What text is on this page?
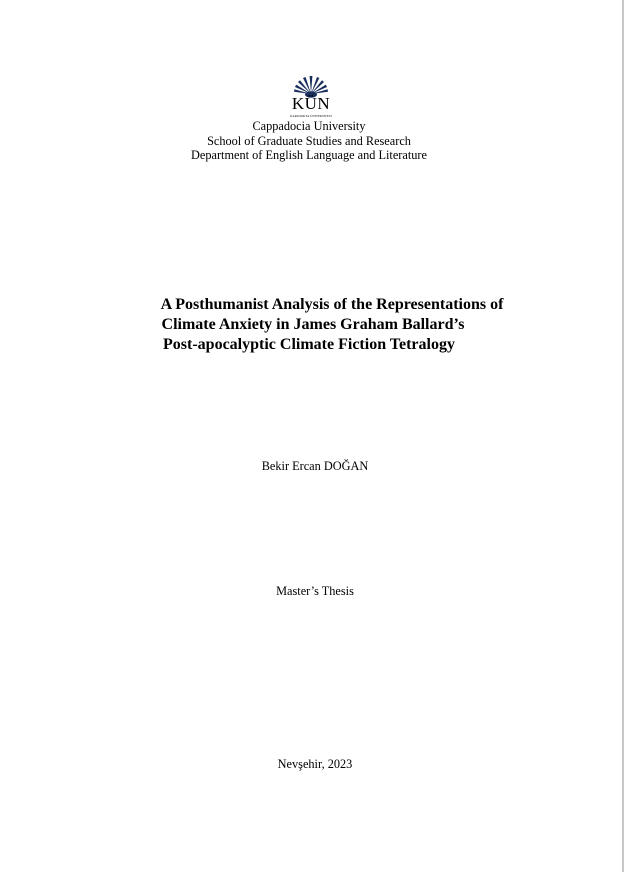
KÜN
KAPADOKYA ÜNİVERSİTESİ
Cappadocia University
School of Graduate Studies and Research
Department of English Language and Literature
A Posthumanist Analysis of the Representations of
Climate Anxiety in James Graham Ballard’s
Post-apocalyptic Climate Fiction Tetralogy
Bekir Ercan DOĞAN
Master’s Thesis
Nevşehir, 2023
